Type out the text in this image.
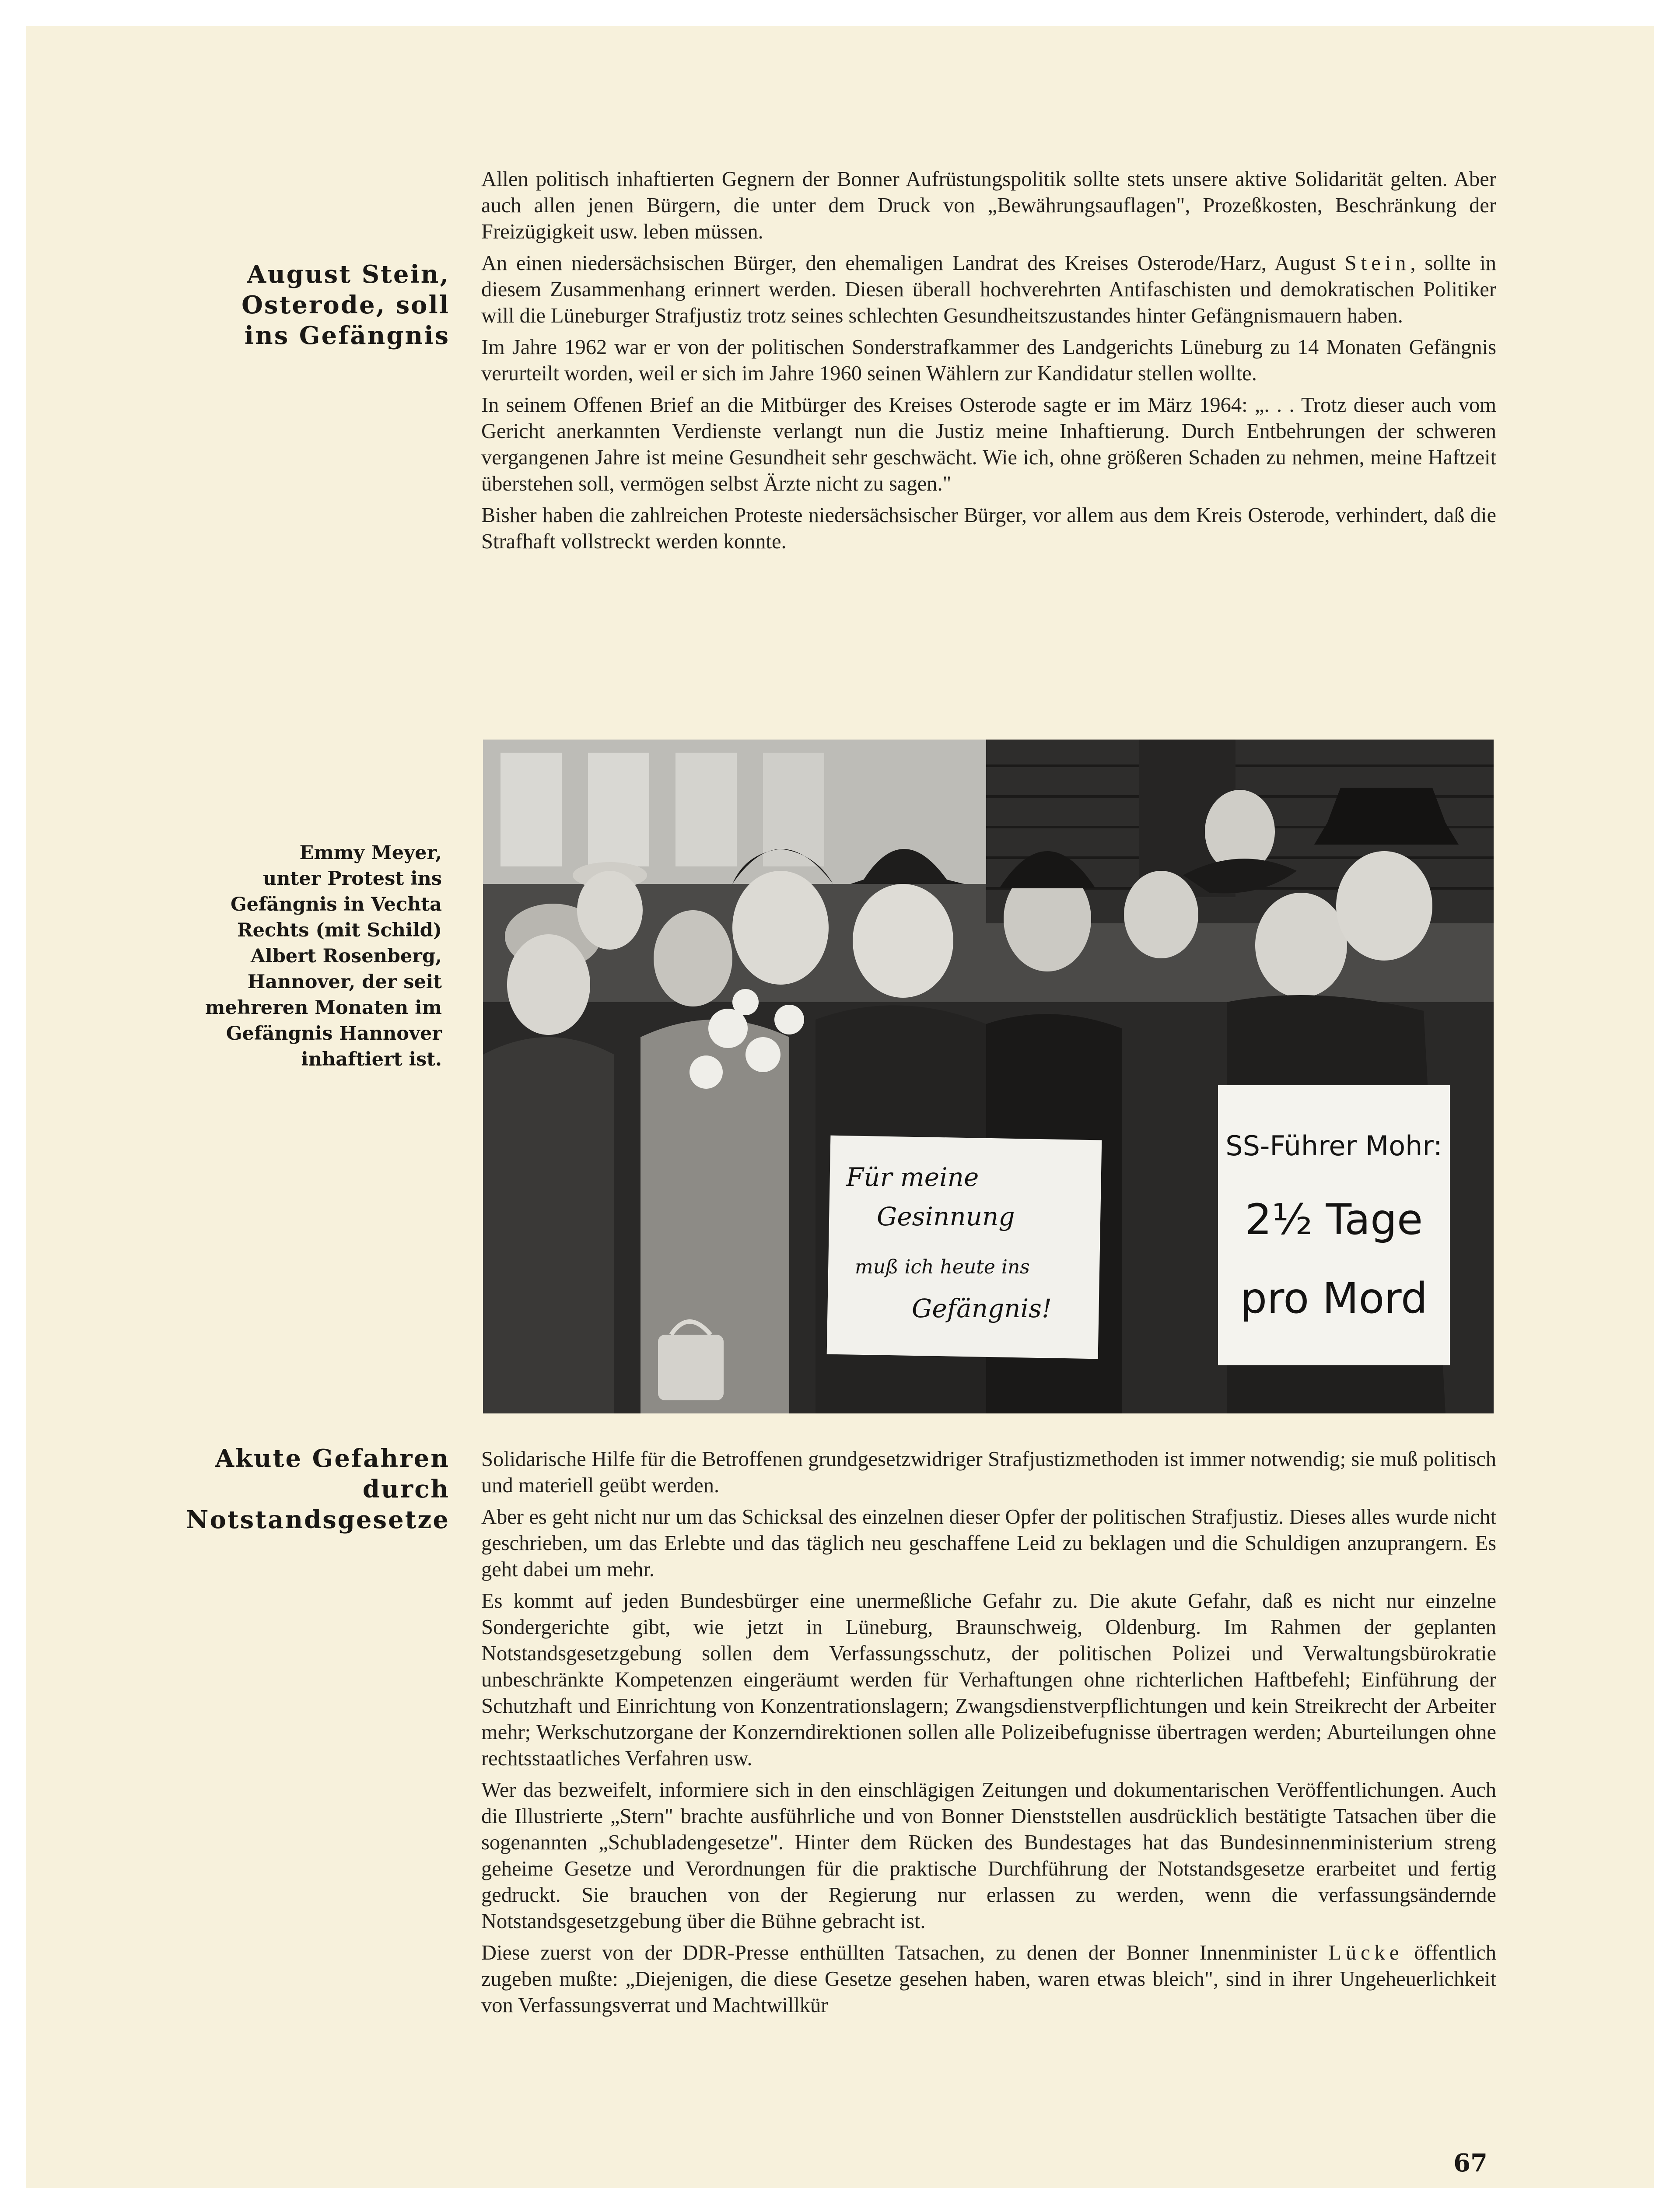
August Stein,
Osterode, soll
ins Gefängnis

Allen politisch inhaftierten Gegnern der Bonner Aufrüstungspolitik sollte stets unsere aktive Solidarität gelten. Aber auch allen jenen Bürgern, die unter dem Druck von „Bewährungsauflagen", Prozeßkosten, Beschränkung der Freizügigkeit usw. leben müssen.

An einen niedersächsischen Bürger, den ehemaligen Landrat des Kreises Osterode/Harz, August Stein, sollte in diesem Zusammenhang erinnert werden. Diesen überall hochverehrten Antifaschisten und demokratischen Politiker will die Lüneburger Strafjustiz trotz seines schlechten Gesundheitszustandes hinter Gefängnismauern haben.

Im Jahre 1962 war er von der politischen Sonderstrafkammer des Landgerichts Lüneburg zu 14 Monaten Gefängnis verurteilt worden, weil er sich im Jahre 1960 seinen Wählern zur Kandidatur stellen wollte.

In seinem Offenen Brief an die Mitbürger des Kreises Osterode sagte er im März 1964: „. . . Trotz dieser auch vom Gericht anerkannten Verdienste verlangt nun die Justiz meine Inhaftierung. Durch Entbehrungen der schweren vergangenen Jahre ist meine Gesundheit sehr geschwächt. Wie ich, ohne größeren Schaden zu nehmen, meine Haftzeit überstehen soll, vermögen selbst Ärzte nicht zu sagen."

Bisher haben die zahlreichen Proteste niedersächsischer Bürger, vor allem aus dem Kreis Osterode, verhindert, daß die Strafhaft vollstreckt werden konnte.

Emmy Meyer,
unter Protest ins
Gefängnis in Vechta
Rechts (mit Schild)
Albert Rosenberg,
Hannover, der seit
mehreren Monaten im
Gefängnis Hannover
inhaftiert ist.
Für meine
Gesinnung
muß ich heute ins
Gefängnis!
SS-Führer Mohr:
2½ Tage
pro Mord
Akute Gefahren
durch
Notstandsgesetze

Solidarische Hilfe für die Betroffenen grundgesetzwidriger Strafjustizmethoden ist immer notwendig; sie muß politisch und materiell geübt werden.

Aber es geht nicht nur um das Schicksal des einzelnen dieser Opfer der politischen Strafjustiz. Dieses alles wurde nicht geschrieben, um das Erlebte und das täglich neu geschaffene Leid zu beklagen und die Schuldigen anzuprangern. Es geht dabei um mehr.

Es kommt auf jeden Bundesbürger eine unermeßliche Gefahr zu. Die akute Gefahr, daß es nicht nur einzelne Sondergerichte gibt, wie jetzt in Lüneburg, Braunschweig, Oldenburg. Im Rahmen der geplanten Notstandsgesetzgebung sollen dem Verfassungsschutz, der politischen Polizei und Verwaltungsbürokratie unbeschränkte Kompetenzen eingeräumt werden für Verhaftungen ohne richterlichen Haftbefehl; Einführung der Schutzhaft und Einrichtung von Konzentrationslagern; Zwangsdienstverpflichtungen und kein Streikrecht der Arbeiter mehr; Werkschutzorgane der Konzerndirektionen sollen alle Polizeibefugnisse übertragen werden; Aburteilungen ohne rechtsstaatliches Verfahren usw.

Wer das bezweifelt, informiere sich in den einschlägigen Zeitungen und dokumentarischen Veröffentlichungen. Auch die Illustrierte „Stern" brachte ausführliche und von Bonner Dienststellen ausdrücklich bestätigte Tatsachen über die sogenannten „Schubladengesetze". Hinter dem Rücken des Bundestages hat das Bundesinnenministerium streng geheime Gesetze und Verordnungen für die praktische Durchführung der Notstandsgesetze erarbeitet und fertig gedruckt. Sie brauchen von der Regierung nur erlassen zu werden, wenn die verfassungsändernde Notstandsgesetzgebung über die Bühne gebracht ist.

Diese zuerst von der DDR-Presse enthüllten Tatsachen, zu denen der Bonner Innenminister Lücke öffentlich zugeben mußte: „Diejenigen, die diese Gesetze gesehen haben, waren etwas bleich", sind in ihrer Ungeheuerlichkeit von Verfassungsverrat und Machtwillkür

67
